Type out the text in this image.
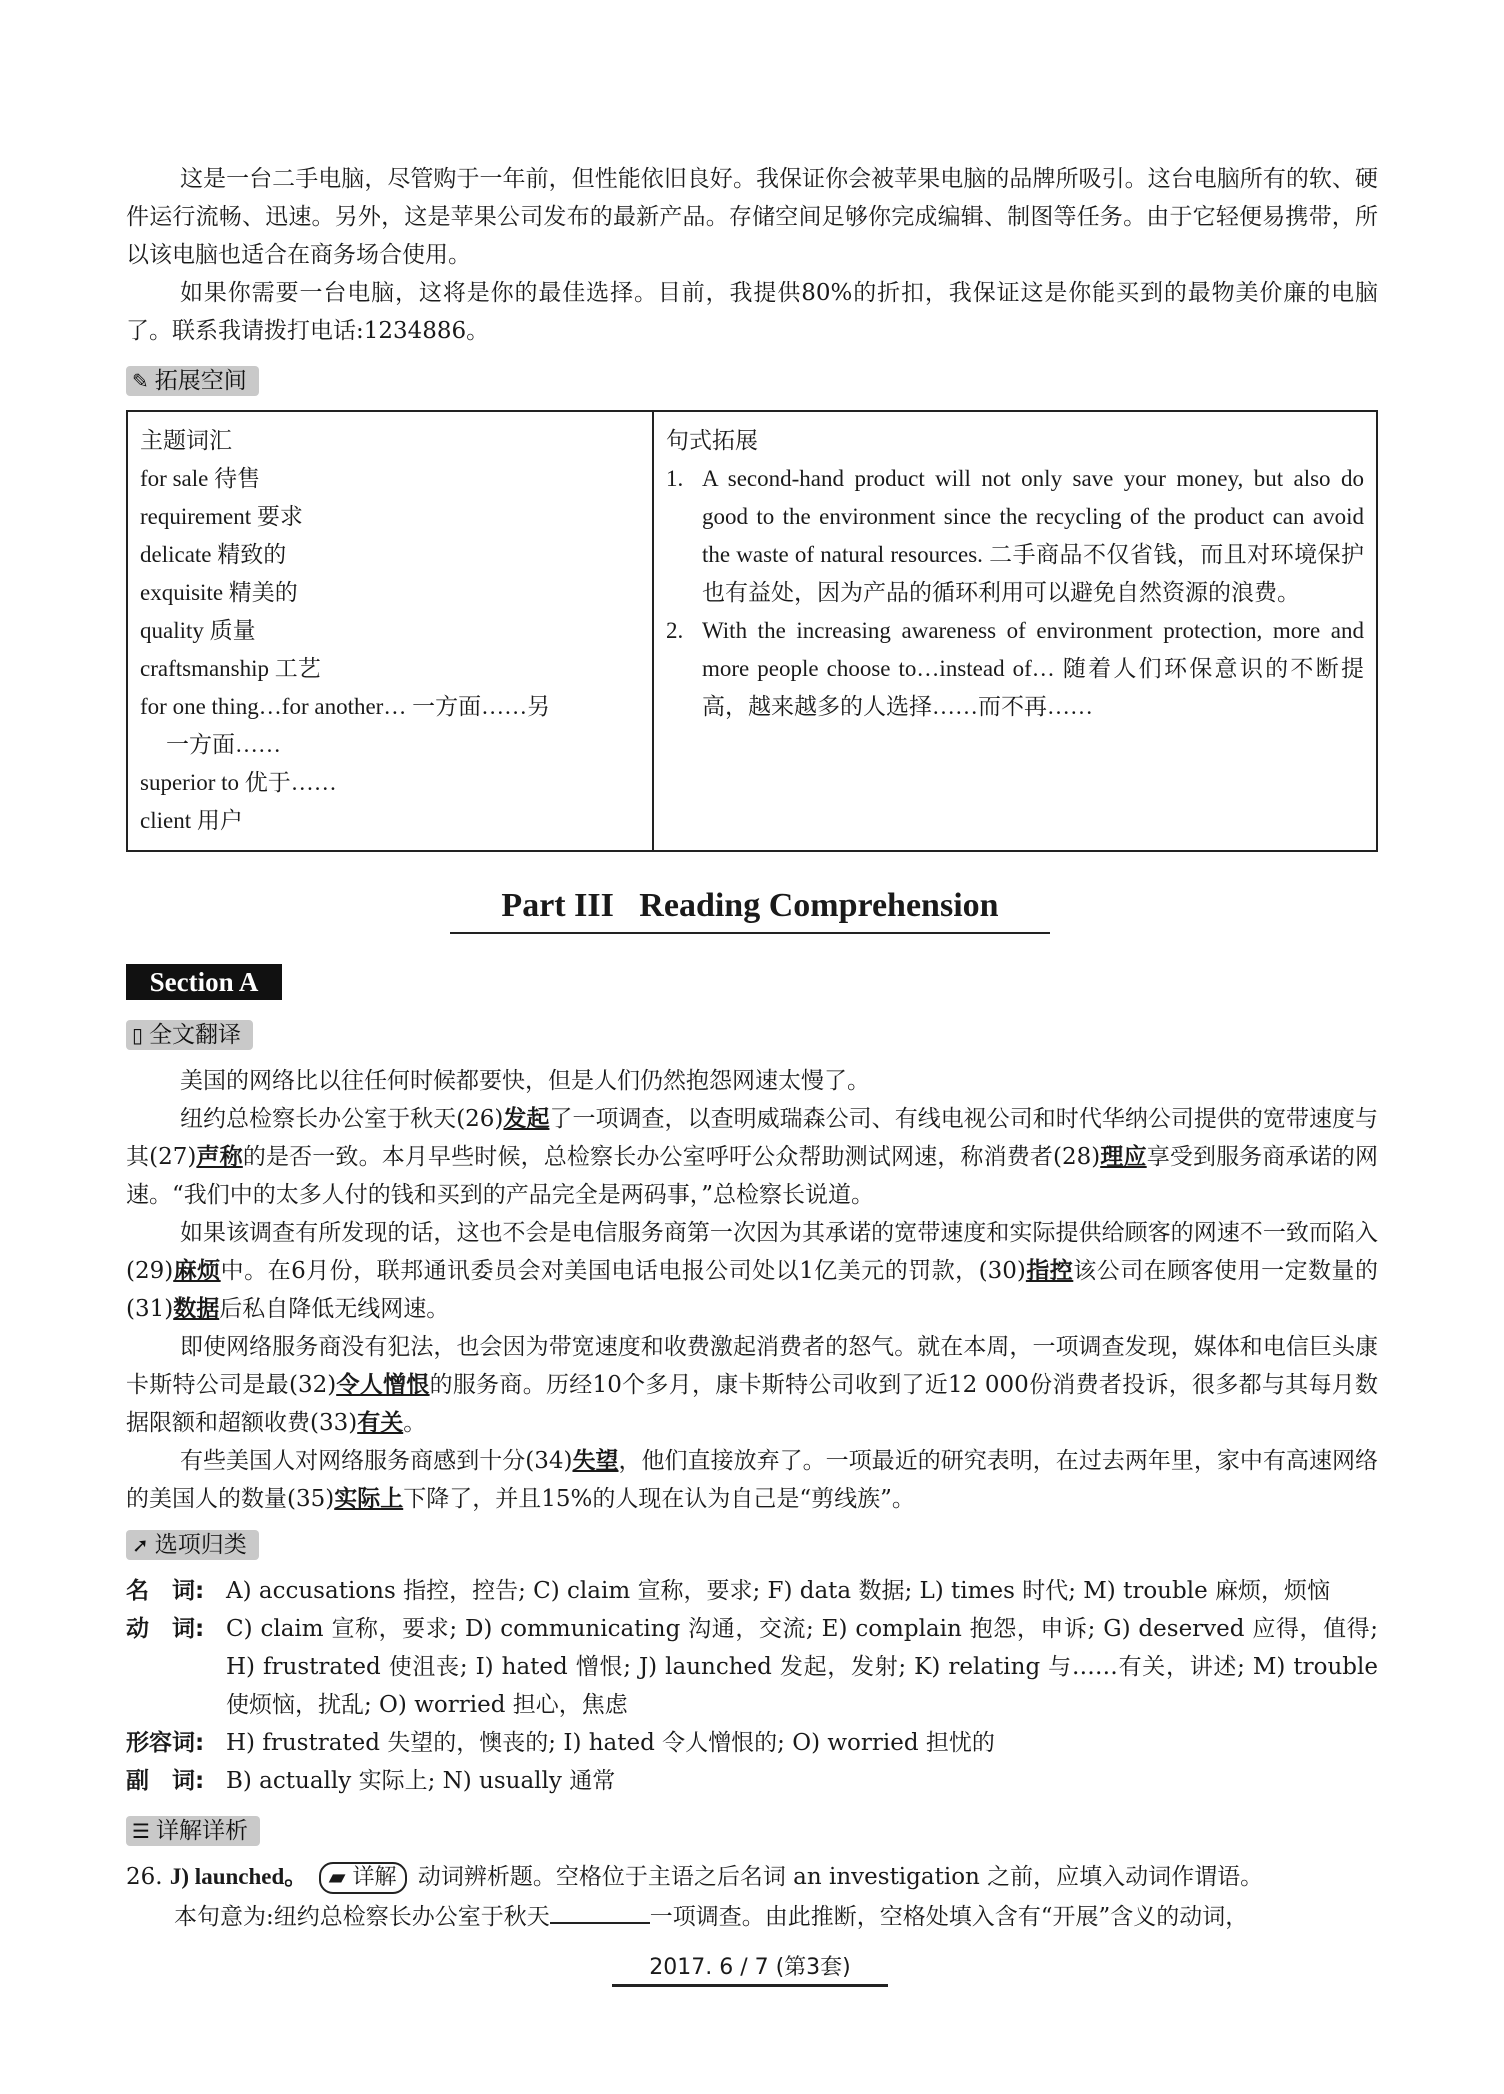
这是一台二手电脑，尽管购于一年前，但性能依旧良好。我保证你会被苹果电脑的品牌所吸引。这台电脑所有的软、硬件运行流畅、迅速。另外，这是苹果公司发布的最新产品。存储空间足够你完成编辑、制图等任务。由于它轻便易携带，所以该电脑也适合在商务场合使用。

如果你需要一台电脑，这将是你的最佳选择。目前，我提供80%的折扣，我保证这是你能买到的最物美价廉的电脑了。联系我请拨打电话:1234886。

✎ 拓展空间
主题词汇
for sale 待售
requirement 要求
delicate 精致的
exquisite 精美的
quality 质量
craftsmanship 工艺
for one thing…for another… 一方面……另
一方面……
superior to 优于……
client 用户

句式拓展
1. A second-hand product will not only save your money, but also do good to the environment since the recycling of the product can avoid the waste of natural resources. 二手商品不仅省钱，而且对环境保护也有益处，因为产品的循环利用可以避免自然资源的浪费。
2. With the increasing awareness of environment protection, more and more people choose to…instead of… 随着人们环保意识的不断提高，越来越多的人选择……而不再……
Part III   Reading Comprehension
Section A
▯ 全文翻译

美国的网络比以往任何时候都要快，但是人们仍然抱怨网速太慢了。

纽约总检察长办公室于秋天(26)发起了一项调查，以查明威瑞森公司、有线电视公司和时代华纳公司提供的宽带速度与其(27)声称的是否一致。本月早些时候，总检察长办公室呼吁公众帮助测试网速，称消费者(28)理应享受到服务商承诺的网速。“我们中的太多人付的钱和买到的产品完全是两码事，”总检察长说道。

如果该调查有所发现的话，这也不会是电信服务商第一次因为其承诺的宽带速度和实际提供给顾客的网速不一致而陷入(29)麻烦中。在6月份，联邦通讯委员会对美国电话电报公司处以1亿美元的罚款，(30)指控该公司在顾客使用一定数量的(31)数据后私自降低无线网速。

即使网络服务商没有犯法，也会因为带宽速度和收费激起消费者的怒气。就在本周，一项调查发现，媒体和电信巨头康卡斯特公司是最(32)令人憎恨的服务商。历经10个多月，康卡斯特公司收到了近12 000份消费者投诉，很多都与其每月数据限额和超额收费(33)有关。

有些美国人对网络服务商感到十分(34)失望，他们直接放弃了。一项最近的研究表明，在过去两年里，家中有高速网络的美国人的数量(35)实际上下降了，并且15%的人现在认为自己是“剪线族”。

➚ 选项归类
名　词: A) accusations 指控，控告; C) claim 宣称，要求; F) data 数据; L) times 时代; M) trouble 麻烦，烦恼
动　词: C) claim 宣称，要求; D) communicating 沟通，交流; E) complain 抱怨，申诉; G) deserved 应得，值得; H) frustrated 使沮丧; I) hated 憎恨; J) launched 发起，发射; K) relating 与……有关，讲述; M) trouble 使烦恼，扰乱; O) worried 担心，焦虑
形容词: H) frustrated 失望的，懊丧的; I) hated 令人憎恨的; O) worried 担忧的
副　词: B) actually 实际上; N) usually 通常
☰ 详解详析
26. J) launched。 ▰ 详解 动词辨析题。空格位于主语之后名词 an investigation 之前，应填入动词作谓语。
本句意为:纽约总检察长办公室于秋天	一项调查。由此推断，空格处填入含有“开展”含义的动词，
2017. 6 / 7 (第3套)
